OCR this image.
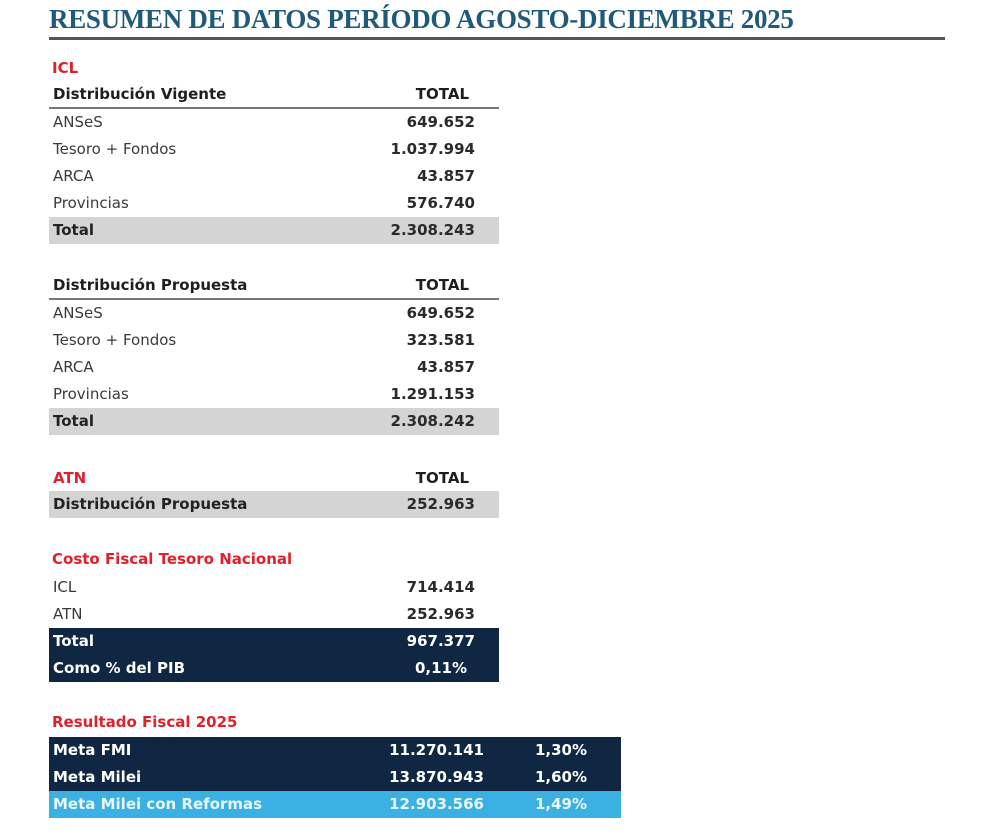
RESUMEN DE DATOS PERÍODO AGOSTO-DICIEMBRE 2025
ICL
Distribución Vigente	TOTAL
ANSeS	649.652
Tesoro + Fondos	1.037.994
ARCA	43.857
Provincias	576.740
Total	2.308.243
Distribución Propuesta	TOTAL
ANSeS	649.652
Tesoro + Fondos	323.581
ARCA	43.857
Provincias	1.291.153
Total	2.308.242
ATN	TOTAL
Distribución Propuesta	252.963
Costo Fiscal Tesoro Nacional
ICL	714.414
ATN	252.963
Total	967.377
Como % del PIB	0,11%
Resultado Fiscal 2025
Meta FMI	11.270.141	1,30%
Meta Milei	13.870.943	1,60%
Meta Milei con Reformas	12.903.566	1,49%
